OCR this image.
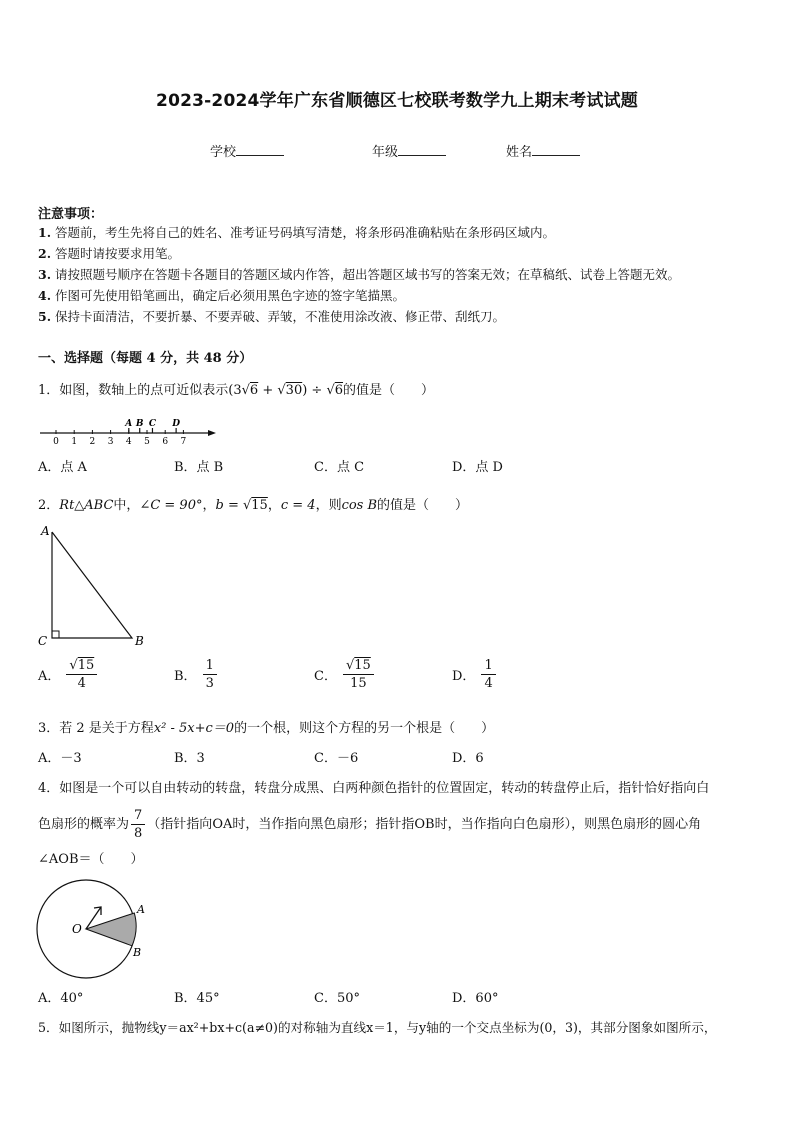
2023-2024学年广东省顺德区七校联考数学九上期末考试试题
学校	年级	姓名
注意事项：
1. 答题前，考生先将自己的姓名、准考证号码填写清楚，将条形码准确粘贴在条形码区域内。
2. 答题时请按要求用笔。
3. 请按照题号顺序在答题卡各题目的答题区域内作答，超出答题区域书写的答案无效；在草稿纸、试卷上答题无效。
4. 作图可先使用铅笔画出，确定后必须用黑色字迹的签字笔描黑。
5. 保持卡面清洁，不要折暴、不要弄破、弄皱，不准使用涂改液、修正带、刮纸刀。
一、选择题（每题 4 分，共 48 分）
1．如图，数轴上的点可近似表示(3√6 + √30) ÷ √6的值是（　　）
0 1 2 3 4 5 6 7
A B C D
A．点 A	B．点 B	C．点 C	D．点 D
2．Rt△ABC中，∠C = 90°，b = √15，c = 4，则cos B的值是（　　）
A
C	B
A． $\frac{√15}{4}$	B． $\frac{1}{3}$	C． $\frac{√15}{15}$	D． $\frac{1}{4}$
3．若 2 是关于方程x² - 5x+c＝0的一个根，则这个方程的另一个根是（　　）
A．－3	B．3	C．－6	D．6
4．如图是一个可以自由转动的转盘，转盘分成黑、白两种颜色指针的位置固定，转动的转盘停止后，指针恰好指向白
色扇形的概率为 $\frac{7}{8}$ （指针指向OA时，当作指向黑色扇形；指针指OB时，当作指向白色扇形），则黑色扇形的圆心角
∠AOB＝（　　）
O
A
B
A．40°	B．45°	C．50°	D．60°
5．如图所示，抛物线y＝ax²+bx+c(a≠0)的对称轴为直线x＝1，与y轴的一个交点坐标为(0，3)，其部分图象如图所示，
